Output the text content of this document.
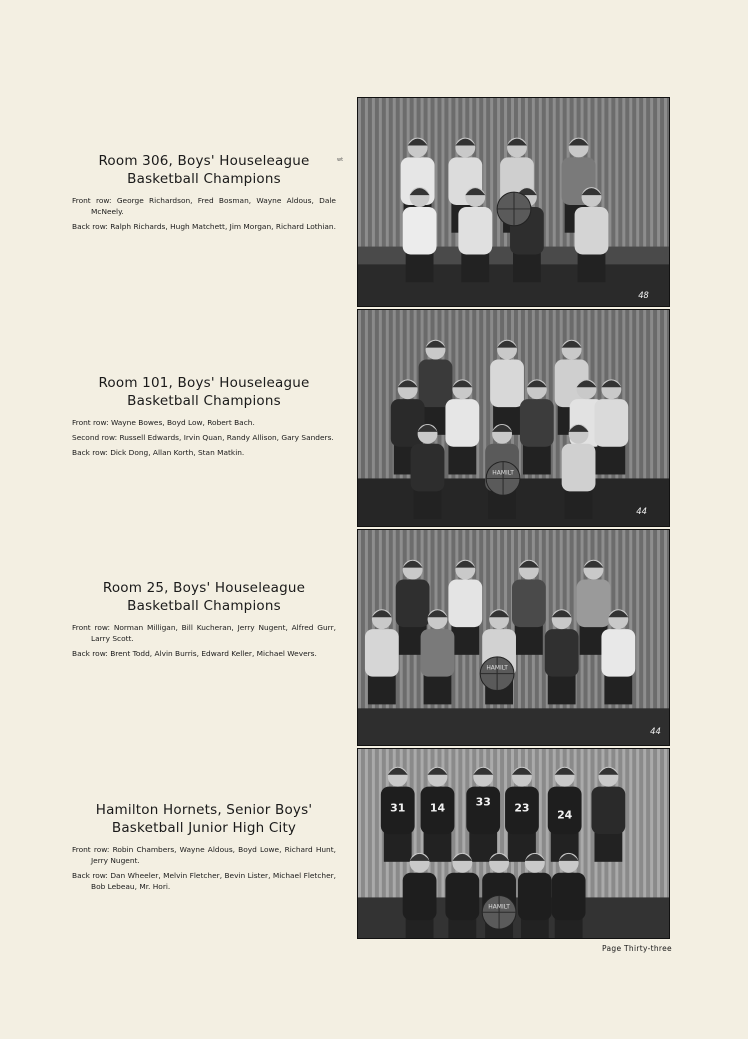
Room 306, Boys' Houseleague
Basketball Champions
Front row: George Richardson, Fred Bosman, Wayne Aldous, Dale McNeely.
Back row: Ralph Richards, Hugh Matchett, Jim Morgan, Richard Lothian.
wt
Room 101, Boys' Houseleague
Basketball Champions
Front row: Wayne Bowes, Boyd Low, Robert Bach.
Second row: Russell Edwards, Irvin Quan, Randy Allison, Gary Sanders.
Back row: Dick Dong, Allan Korth, Stan Matkin.
Room 25, Boys' Houseleague
Basketball Champions
Front row: Norman Milligan, Bill Kucheran, Jerry Nugent, Alfred Gurr, Larry Scott.
Back row: Brent Todd, Alvin Burris, Edward Keller, Michael Wevers.
Hamilton Hornets, Senior Boys'
Basketball Junior High City
Front row: Robin Chambers, Wayne Aldous, Boyd Lowe, Richard Hunt, Jerry Nugent.
Back row: Dan Wheeler, Melvin Fletcher, Bevin Lister, Michael Fletcher, Bob Lebeau, Mr. Hori.
48
44
HAMILT
44
HAMILT
31 14	33 23
24
HAMILT
Page Thirty-three
